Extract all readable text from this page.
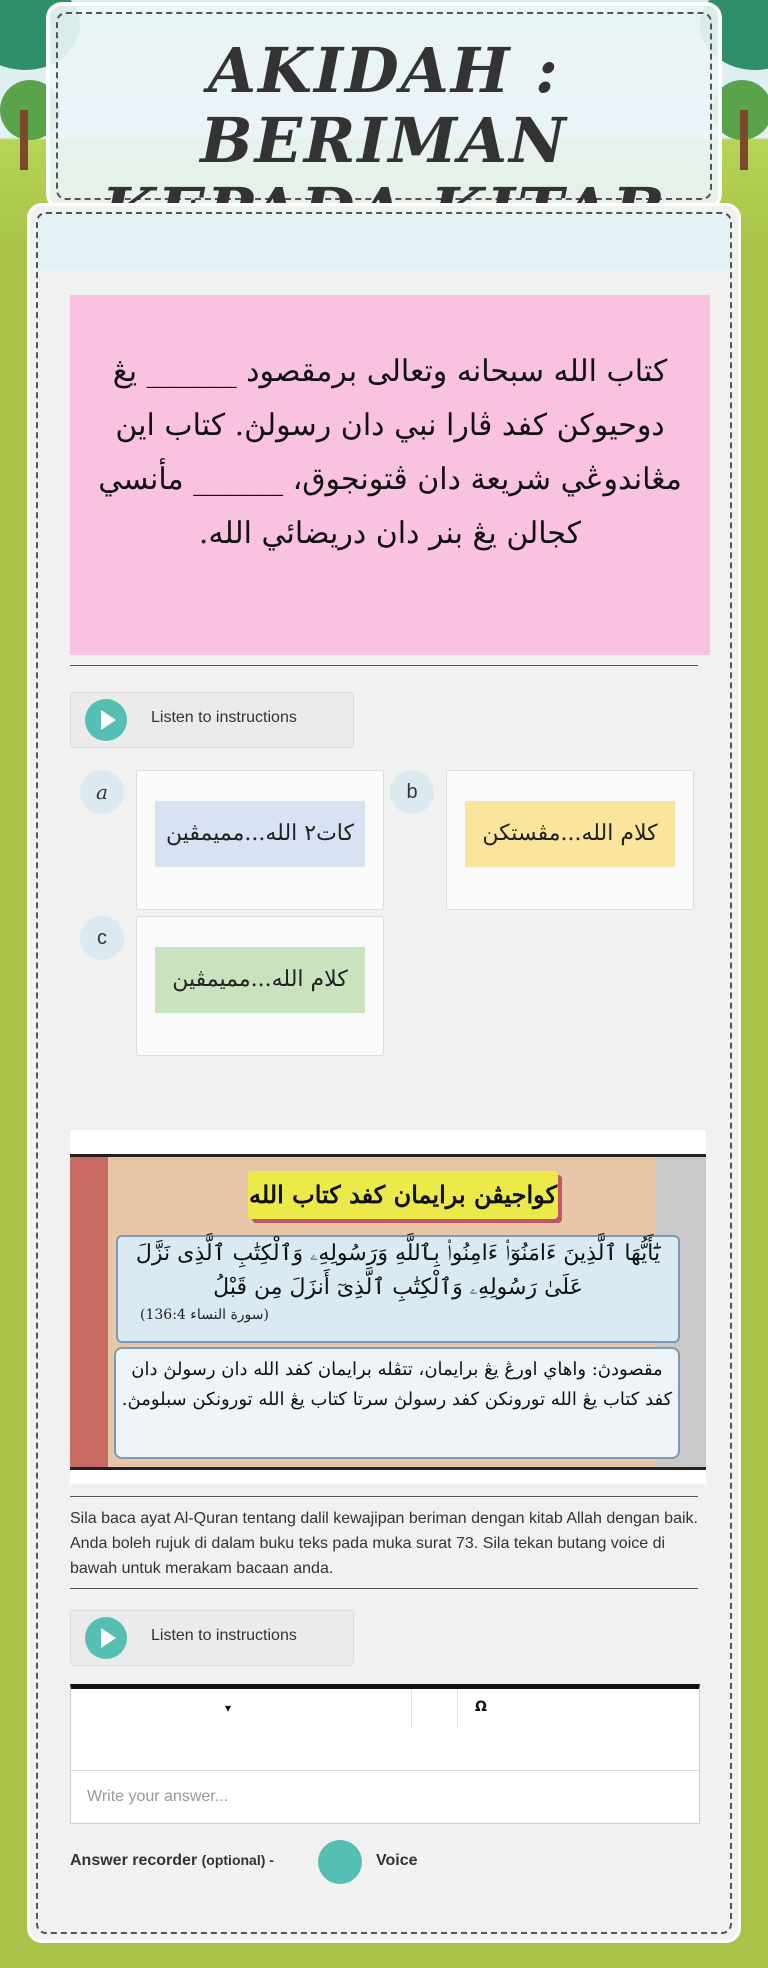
AKIDAH : BERIMAN
كتاب الله سبحانه وتعالى برمقصود ______ يڠ دوحيوكن كفد ڤارا نبي دان رسولڽ. كتاب اين مڠاندوڠي شريعة دان ڤتونجوق، ______ مأنسي كجالن يڠ بنر دان دريضائي الله.
Listen to instructions
a
كات٢ الله...مميمڤين
b
كلام الله...مڤستكن
c
كلام الله...مميمڤين
كواجيڤن برايمان كفد كتاب الله
يَٰٓأَيُّهَا ٱلَّذِينَ ءَامَنُوٓا۟ ءَامِنُوا۟ بِٱللَّهِ وَرَسُولِهِۦ وَٱلْكِتَٰبِ ٱلَّذِى نَزَّلَ عَلَىٰ رَسُولِهِۦ وَٱلْكِتَٰبِ ٱلَّذِىٓ أَنزَلَ مِن قَبْلُ
(سورة النساء 136:4)
مقصودڽ: واهاي اورڠ يڠ برايمان، تتڤله برايمان كفد الله دان رسولڽ دان كفد كتاب يڠ الله تورونكن كفد رسولڽ سرتا كتاب يڠ الله تورونكن سبلومڽ.
Sila baca ayat Al-Quran tentang dalil kewajipan beriman dengan kitab Allah dengan baik. Anda boleh rujuk di dalam buku teks pada muka surat 73. Sila tekan butang voice di bawah untuk merakam bacaan anda.
Listen to instructions
▾	Ω
Write your answer...
Answer recorder (optional) -	Voice
